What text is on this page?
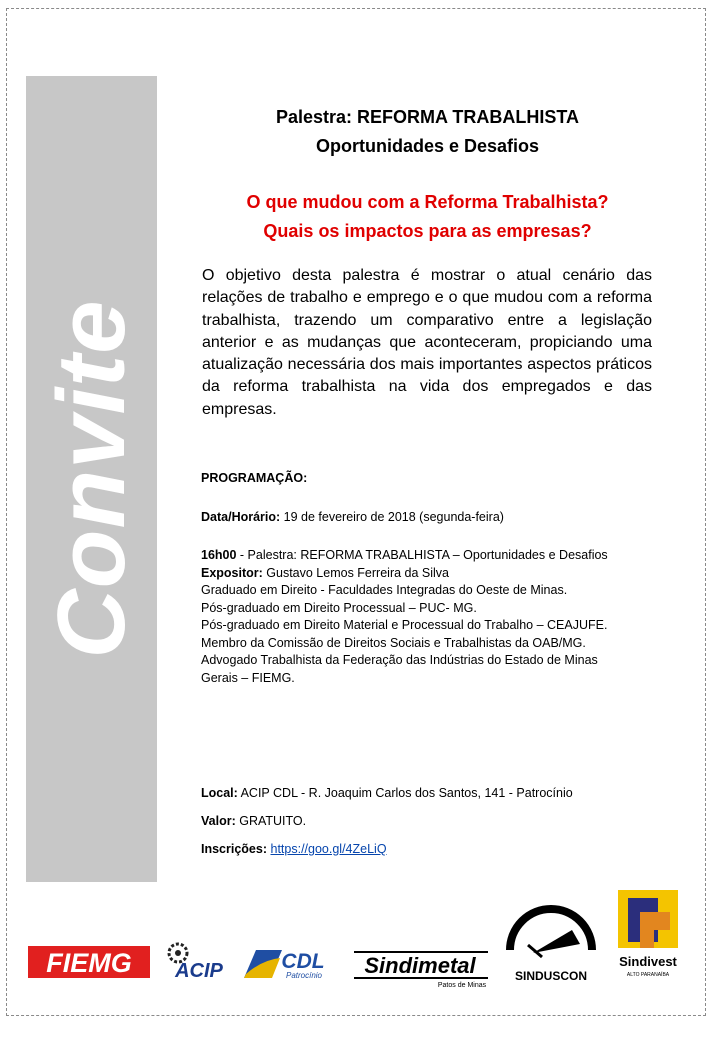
Convite
Palestra: REFORMA TRABALHISTA
Oportunidades e Desafios
O que mudou com a Reforma Trabalhista?
Quais os impactos para as empresas?

O objetivo desta palestra é mostrar o atual cenário das relações de trabalho e emprego e o que mudou com a reforma trabalhista, trazendo um comparativo entre a legislação anterior e as mudanças que aconteceram, propiciando uma atualização necessária dos mais importantes aspectos práticos da reforma trabalhista na vida dos empregados e das empresas.

PROGRAMAÇÃO:

Data/Horário: 19 de fevereiro de 2018 (segunda-feira)

16h00 - Palestra: REFORMA TRABALHISTA – Oportunidades e Desafios
Expositor: Gustavo Lemos Ferreira da Silva
Graduado em Direito - Faculdades Integradas do Oeste de Minas.
Pós-graduado em Direito Processual – PUC- MG.
Pós-graduado em Direito Material e Processual do Trabalho – CEAJUFE.
Membro da Comissão de Direitos Sociais e Trabalhistas da OAB/MG.
Advogado Trabalhista da Federação das Indústrias do Estado de Minas Gerais – FIEMG.

Local: ACIP CDL - R. Joaquim Carlos dos Santos, 141 - Patrocínio

Valor: GRATUITO.

Inscrições: https://goo.gl/4ZeLiQ

FIEMG ACIP	CDL
Patrocínio Sindimetal
Patos de Minas
SINDUSCON
Sindivest
ALTO PARANAÍBA
